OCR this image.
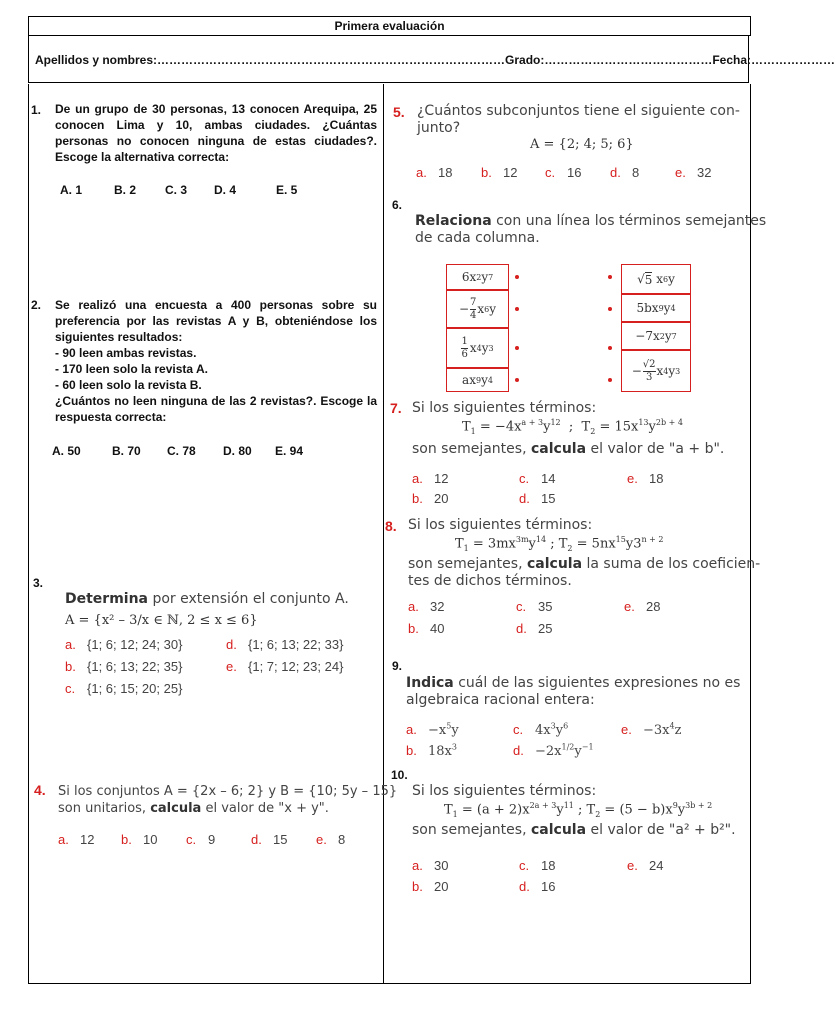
Primera evaluación
Apellidos y nombres:……………………………………………………………………………Grado:……………………………………Fecha:…………………
1. De un grupo de 30 personas, 13 conocen Arequipa, 25 conocen Lima y 10, ambas ciudades. ¿Cuántas personas no conocen ninguna de estas ciudades?. Escoge la alternativa correcta:
A. 1	B. 2 C. 3 D. 4	E. 5
2. Se realizó una encuesta a 400 personas sobre su preferencia por las revistas A y B, obteniéndose los siguientes resultados:
- 90 leen ambas revistas.
- 170 leen solo la revista A.
- 60 leen solo la revista B.
¿Cuántos no leen ninguna de las 2 revistas?. Escoge la respuesta correcta:
A. 50	B. 70 C. 78 D. 80 E. 94
3.
Determina por extensión el conjunto A.
A = {x² – 3/x ∈ ℕ, 2 ≤ x ≤ 6}
a. {1; 6; 12; 24; 30}	d. {1; 6; 13; 22; 33}
b. {1; 6; 13; 22; 35}	e. {1; 7; 12; 23; 24}
c. {1; 6; 15; 20; 25}
4. Si los conjuntos A = {2x – 6; 2} y B = {10; 5y – 15}
son unitarios, calcula el valor de "x + y".
a. 12 b. 10 c. 9	d. 15 e. 8
5. ¿Cuántos subconjuntos tiene el siguiente con-
junto?
A = {2; 4; 5; 6}
a. 18 b. 12 c. 16 d. 8	e. 32
6.
Relaciona con una línea los términos semejantes
de cada columna.
6x 2 y 7
− 7
4 x 6 y
1
6 x 4 y 3
ax 9 y 4
√ 5 x 6 y
5bx 9 y 4
−7x 2 y 7
− √2
3 x 4 y 3
7. Si los siguientes términos:
$T_1 = -4x^{a + 3}y^{12}$  ;  $T_2 = 15x^{13}y^{2b + 4}$
son semejantes, calcula el valor de "a + b".
a. 12	c. 14	e. 18
b. 20	d. 15
8. Si los siguientes términos:
$T_1 = 3mx^{3m}y^{14}$ ; $T_2 = 5nx^{15}y3^{n + 2}$
son semejantes, calcula la suma de los coeficien-
tes de dichos términos.
a. 32	c. 35	e. 28
b. 40	d. 25
9.
Indica cuál de las siguientes expresiones no es
algebraica racional entera:
a. $-x^5y$	c. $4x^3y^6$	e. $-3x^4z$
b. $18x^3$	d. $-2x^{1/2}y^{-1}$
10.
Si los siguientes términos:
$T_1 = (a + 2)x^{2a + 3}y^{11}$ ; $T_2 = (5 - b)x^9y^{3b + 2}$
son semejantes, calcula el valor de "a² + b²".
a. 30	c. 18	e. 24
b. 20	d. 16
